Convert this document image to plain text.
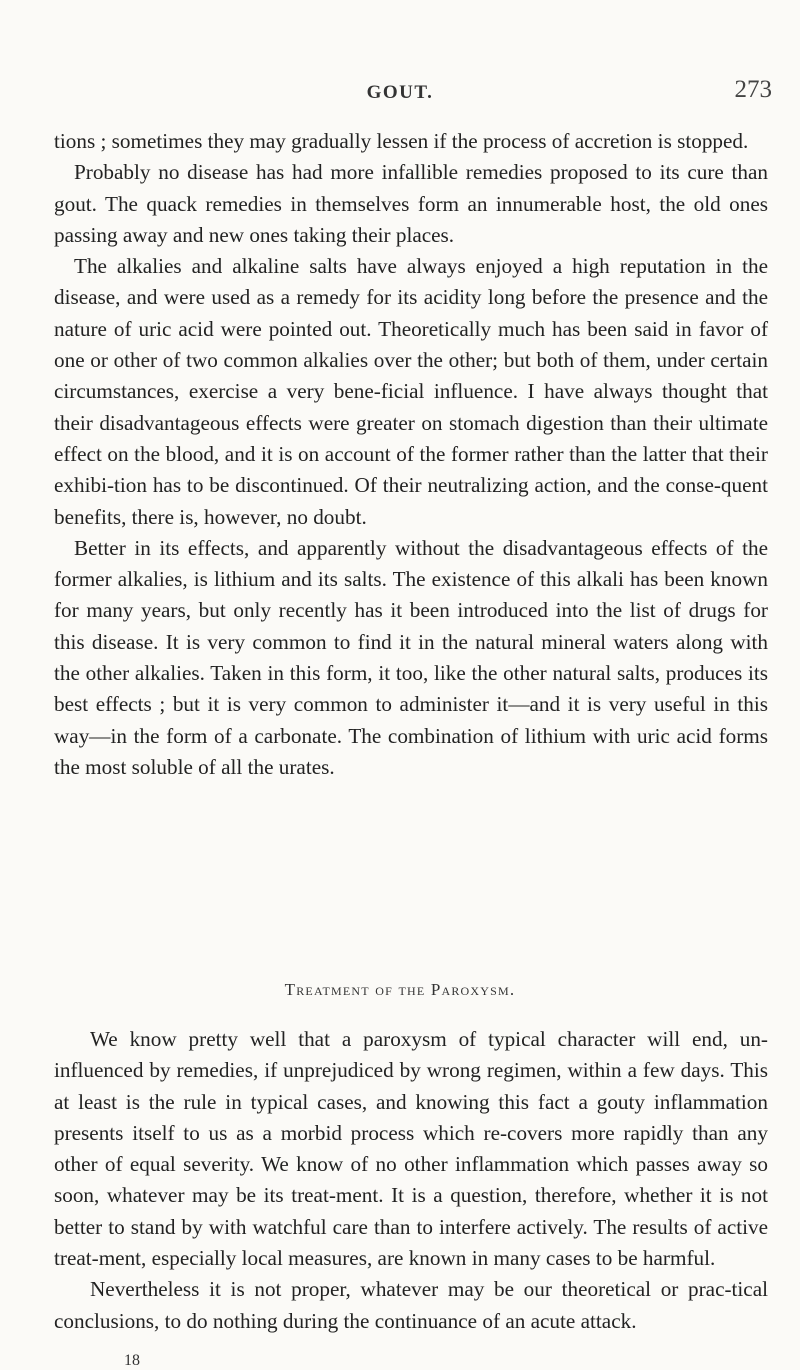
GOUT.	273

tions ; sometimes they may gradually lessen if the process of accretion is stopped.

Probably no disease has had more infallible remedies proposed to its cure than gout. The quack remedies in themselves form an innumerable host, the old ones passing away and new ones taking their places.

The alkalies and alkaline salts have always enjoyed a high reputation in the disease, and were used as a remedy for its acidity long before the presence and the nature of uric acid were pointed out. Theoretically much has been said in favor of one or other of two common alkalies over the other; but both of them, under certain circumstances, exercise a very bene-ficial influence. I have always thought that their disadvantageous effects were greater on stomach digestion than their ultimate effect on the blood, and it is on account of the former rather than the latter that their exhibi-tion has to be discontinued. Of their neutralizing action, and the conse-quent benefits, there is, however, no doubt.

Better in its effects, and apparently without the disadvantageous effects of the former alkalies, is lithium and its salts. The existence of this alkali has been known for many years, but only recently has it been introduced into the list of drugs for this disease. It is very common to find it in the natural mineral waters along with the other alkalies. Taken in this form, it too, like the other natural salts, produces its best effects ; but it is very common to administer it—and it is very useful in this way—in the form of a carbonate. The combination of lithium with uric acid forms the most soluble of all the urates.

Treatment of the Paroxysm.

We know pretty well that a paroxysm of typical character will end, un-influenced by remedies, if unprejudiced by wrong regimen, within a few days. This at least is the rule in typical cases, and knowing this fact a gouty inflammation presents itself to us as a morbid process which re-covers more rapidly than any other of equal severity. We know of no other inflammation which passes away so soon, whatever may be its treat-ment. It is a question, therefore, whether it is not better to stand by with watchful care than to interfere actively. The results of active treat-ment, especially local measures, are known in many cases to be harmful.

Nevertheless it is not proper, whatever may be our theoretical or prac-tical conclusions, to do nothing during the continuance of an acute attack.

18
